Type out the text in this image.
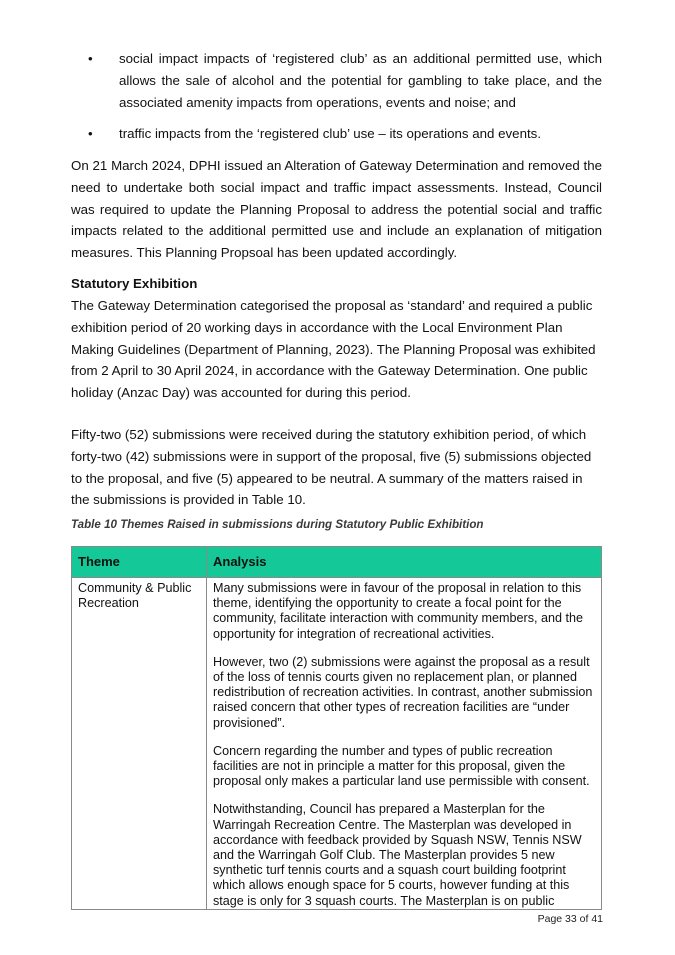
• social impact impacts of ‘registered club’ as an additional permitted use, which allows the sale of alcohol and the potential for gambling to take place, and the associated amenity impacts from operations, events and noise; and
• traffic impacts from the ‘registered club’ use – its operations and events.

On 21 March 2024, DPHI issued an Alteration of Gateway Determination and removed the need to undertake both social impact and traffic impact assessments. Instead, Council was required to update the Planning Proposal to address the potential social and traffic impacts related to the additional permitted use and include an explanation of mitigation measures. This Planning Propsoal has been updated accordingly.

Statutory Exhibition

The Gateway Determination categorised the proposal as ‘standard’ and required a public exhibition period of 20 working days in accordance with the Local Environment Plan Making Guidelines (Department of Planning, 2023). The Planning Proposal was exhibited from 2 April to 30 April 2024, in accordance with the Gateway Determination. One public holiday (Anzac Day) was accounted for during this period.

Fifty-two (52) submissions were received during the statutory exhibition period, of which forty-two (42) submissions were in support of the proposal, five (5) submissions objected to the proposal, and five (5) appeared to be neutral. A summary of the matters raised in the submissions is provided in Table 10.

Table 10 Themes Raised in submissions during Statutory Public Exhibition
Theme	Analysis
Community & Public Recreation	Many submissions were in favour of the proposal in relation to this theme, identifying the opportunity to create a focal point for the community, facilitate interaction with community members, and the opportunity for integration of recreational activities.

However, two (2) submissions were against the proposal as a result of the loss of tennis courts given no replacement plan, or planned redistribution of recreation activities. In contrast, another submission raised concern that other types of recreation facilities are “under provisioned”.

Concern regarding the number and types of public recreation facilities are not in principle a matter for this proposal, given the proposal only makes a particular land use permissible with consent.

Notwithstanding, Council has prepared a Masterplan for the Warringah Recreation Centre. The Masterplan was developed in accordance with feedback provided by Squash NSW, Tennis NSW and the Warringah Golf Club. The Masterplan provides 5 new synthetic turf tennis courts and a squash court building footprint which allows enough space for 5 courts, however funding at this stage is only for 3 squash courts. The Masterplan is on public

Page 33 of 41
